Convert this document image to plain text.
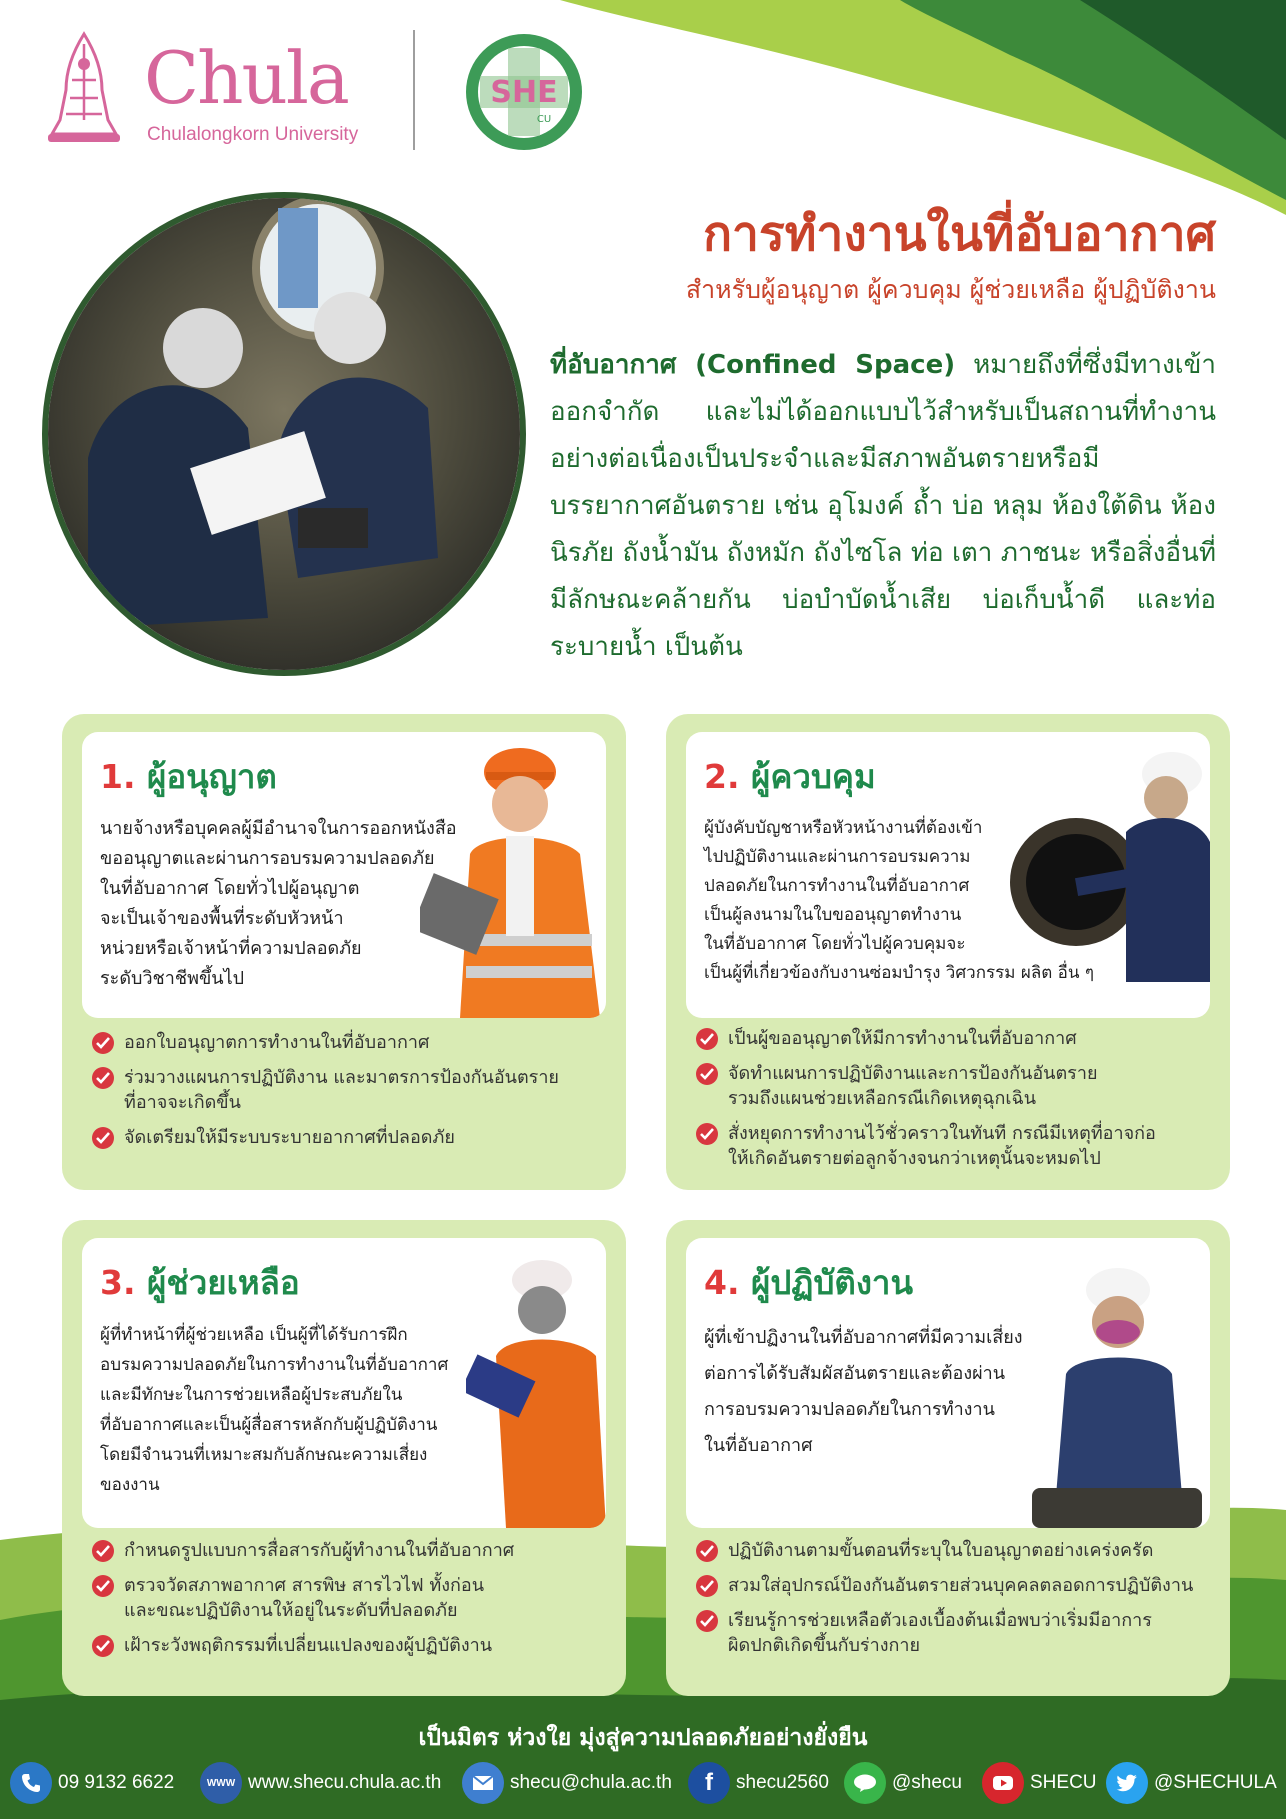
Chula
Chulalongkorn University
SHE
CU
การทำงานในที่อับอากาศ
สำหรับผู้อนุญาต ผู้ควบคุม ผู้ช่วยเหลือ ผู้ปฏิบัติงาน
ที่อับอากาศ (Confined Space) หมายถึงที่ซึ่งมีทางเข้าออกจำกัด และไม่ได้ออกแบบไว้สำหรับเป็นสถานที่ทำงานอย่างต่อเนื่องเป็นประจำและมีสภาพอันตรายหรือมีบรรยากาศอันตราย เช่น อุโมงค์ ถ้ำ บ่อ หลุม ห้องใต้ดิน ห้องนิรภัย ถังน้ำมัน ถังหมัก ถังไซโล ท่อ เตา ภาชนะ หรือสิ่งอื่นที่มีลักษณะคล้ายกัน บ่อบำบัดน้ำเสีย บ่อเก็บน้ำดี และท่อระบายน้ำ เป็นต้น
1. ผู้อนุญาต
นายจ้างหรือบุคคลผู้มีอำนาจในการออกหนังสือ
ขออนุญาตและผ่านการอบรมความปลอดภัย
ในที่อับอากาศ โดยทั่วไปผู้อนุญาต
จะเป็นเจ้าของพื้นที่ระดับหัวหน้า
หน่วยหรือเจ้าหน้าที่ความปลอดภัย
ระดับวิชาชีพขึ้นไป
ออกใบอนุญาตการทำงานในที่อับอากาศ
ร่วมวางแผนการปฏิบัติงาน และมาตรการป้องกันอันตราย
ที่อาจจะเกิดขึ้น
จัดเตรียมให้มีระบบระบายอากาศที่ปลอดภัย
2. ผู้ควบคุม
ผู้บังคับบัญชาหรือหัวหน้างานที่ต้องเข้า
ไปปฏิบัติงานและผ่านการอบรมความ
ปลอดภัยในการทำงานในที่อับอากาศ
เป็นผู้ลงนามในใบขออนุญาตทำงาน
ในที่อับอากาศ โดยทั่วไปผู้ควบคุมจะ
เป็นผู้ที่เกี่ยวข้องกับงานซ่อมบำรุง วิศวกรรม ผลิต อื่น ๆ
เป็นผู้ขออนุญาตให้มีการทำงานในที่อับอากาศ
จัดทำแผนการปฏิบัติงานและการป้องกันอันตราย
รวมถึงแผนช่วยเหลือกรณีเกิดเหตุฉุกเฉิน
สั่งหยุดการทำงานไว้ชั่วคราวในทันที กรณีมีเหตุที่อาจก่อ
ให้เกิดอันตรายต่อลูกจ้างจนกว่าเหตุนั้นจะหมดไป
3. ผู้ช่วยเหลือ
ผู้ที่ทำหน้าที่ผู้ช่วยเหลือ เป็นผู้ที่ได้รับการฝึก
อบรมความปลอดภัยในการทำงานในที่อับอากาศ
และมีทักษะในการช่วยเหลือผู้ประสบภัยใน
ที่อับอากาศและเป็นผู้สื่อสารหลักกับผู้ปฏิบัติงาน
โดยมีจำนวนที่เหมาะสมกับลักษณะความเสี่ยง
ของงาน
กำหนดรูปแบบการสื่อสารกับผู้ทำงานในที่อับอากาศ
ตรวจวัดสภาพอากาศ สารพิษ สารไวไฟ ทั้งก่อน
และขณะปฏิบัติงานให้อยู่ในระดับที่ปลอดภัย
เฝ้าระวังพฤติกรรมที่เปลี่ยนแปลงของผู้ปฏิบัติงาน
4. ผู้ปฏิบัติงาน
ผู้ที่เข้าปฏิงานในที่อับอากาศที่มีความเสี่ยง
ต่อการได้รับสัมผัสอันตรายและต้องผ่าน
การอบรมความปลอดภัยในการทำงาน
ในที่อับอากาศ
ปฏิบัติงานตามขั้นตอนที่ระบุในใบอนุญาตอย่างเคร่งครัด
สวมใส่อุปกรณ์ป้องกันอันตรายส่วนบุคคลตลอดการปฏิบัติงาน
เรียนรู้การช่วยเหลือตัวเองเบื้องต้นเมื่อพบว่าเริ่มมีอาการ
ผิดปกติเกิดขึ้นกับร่างกาย
เป็นมิตร ห่วงใย มุ่งสู่ความปลอดภัยอย่างยั่งยืน
09 9132 6622	WWW www.shecu.chula.ac.th	shecu@chula.ac.th	f	shecu2560	@shecu	SHECU	@SHECHULA
